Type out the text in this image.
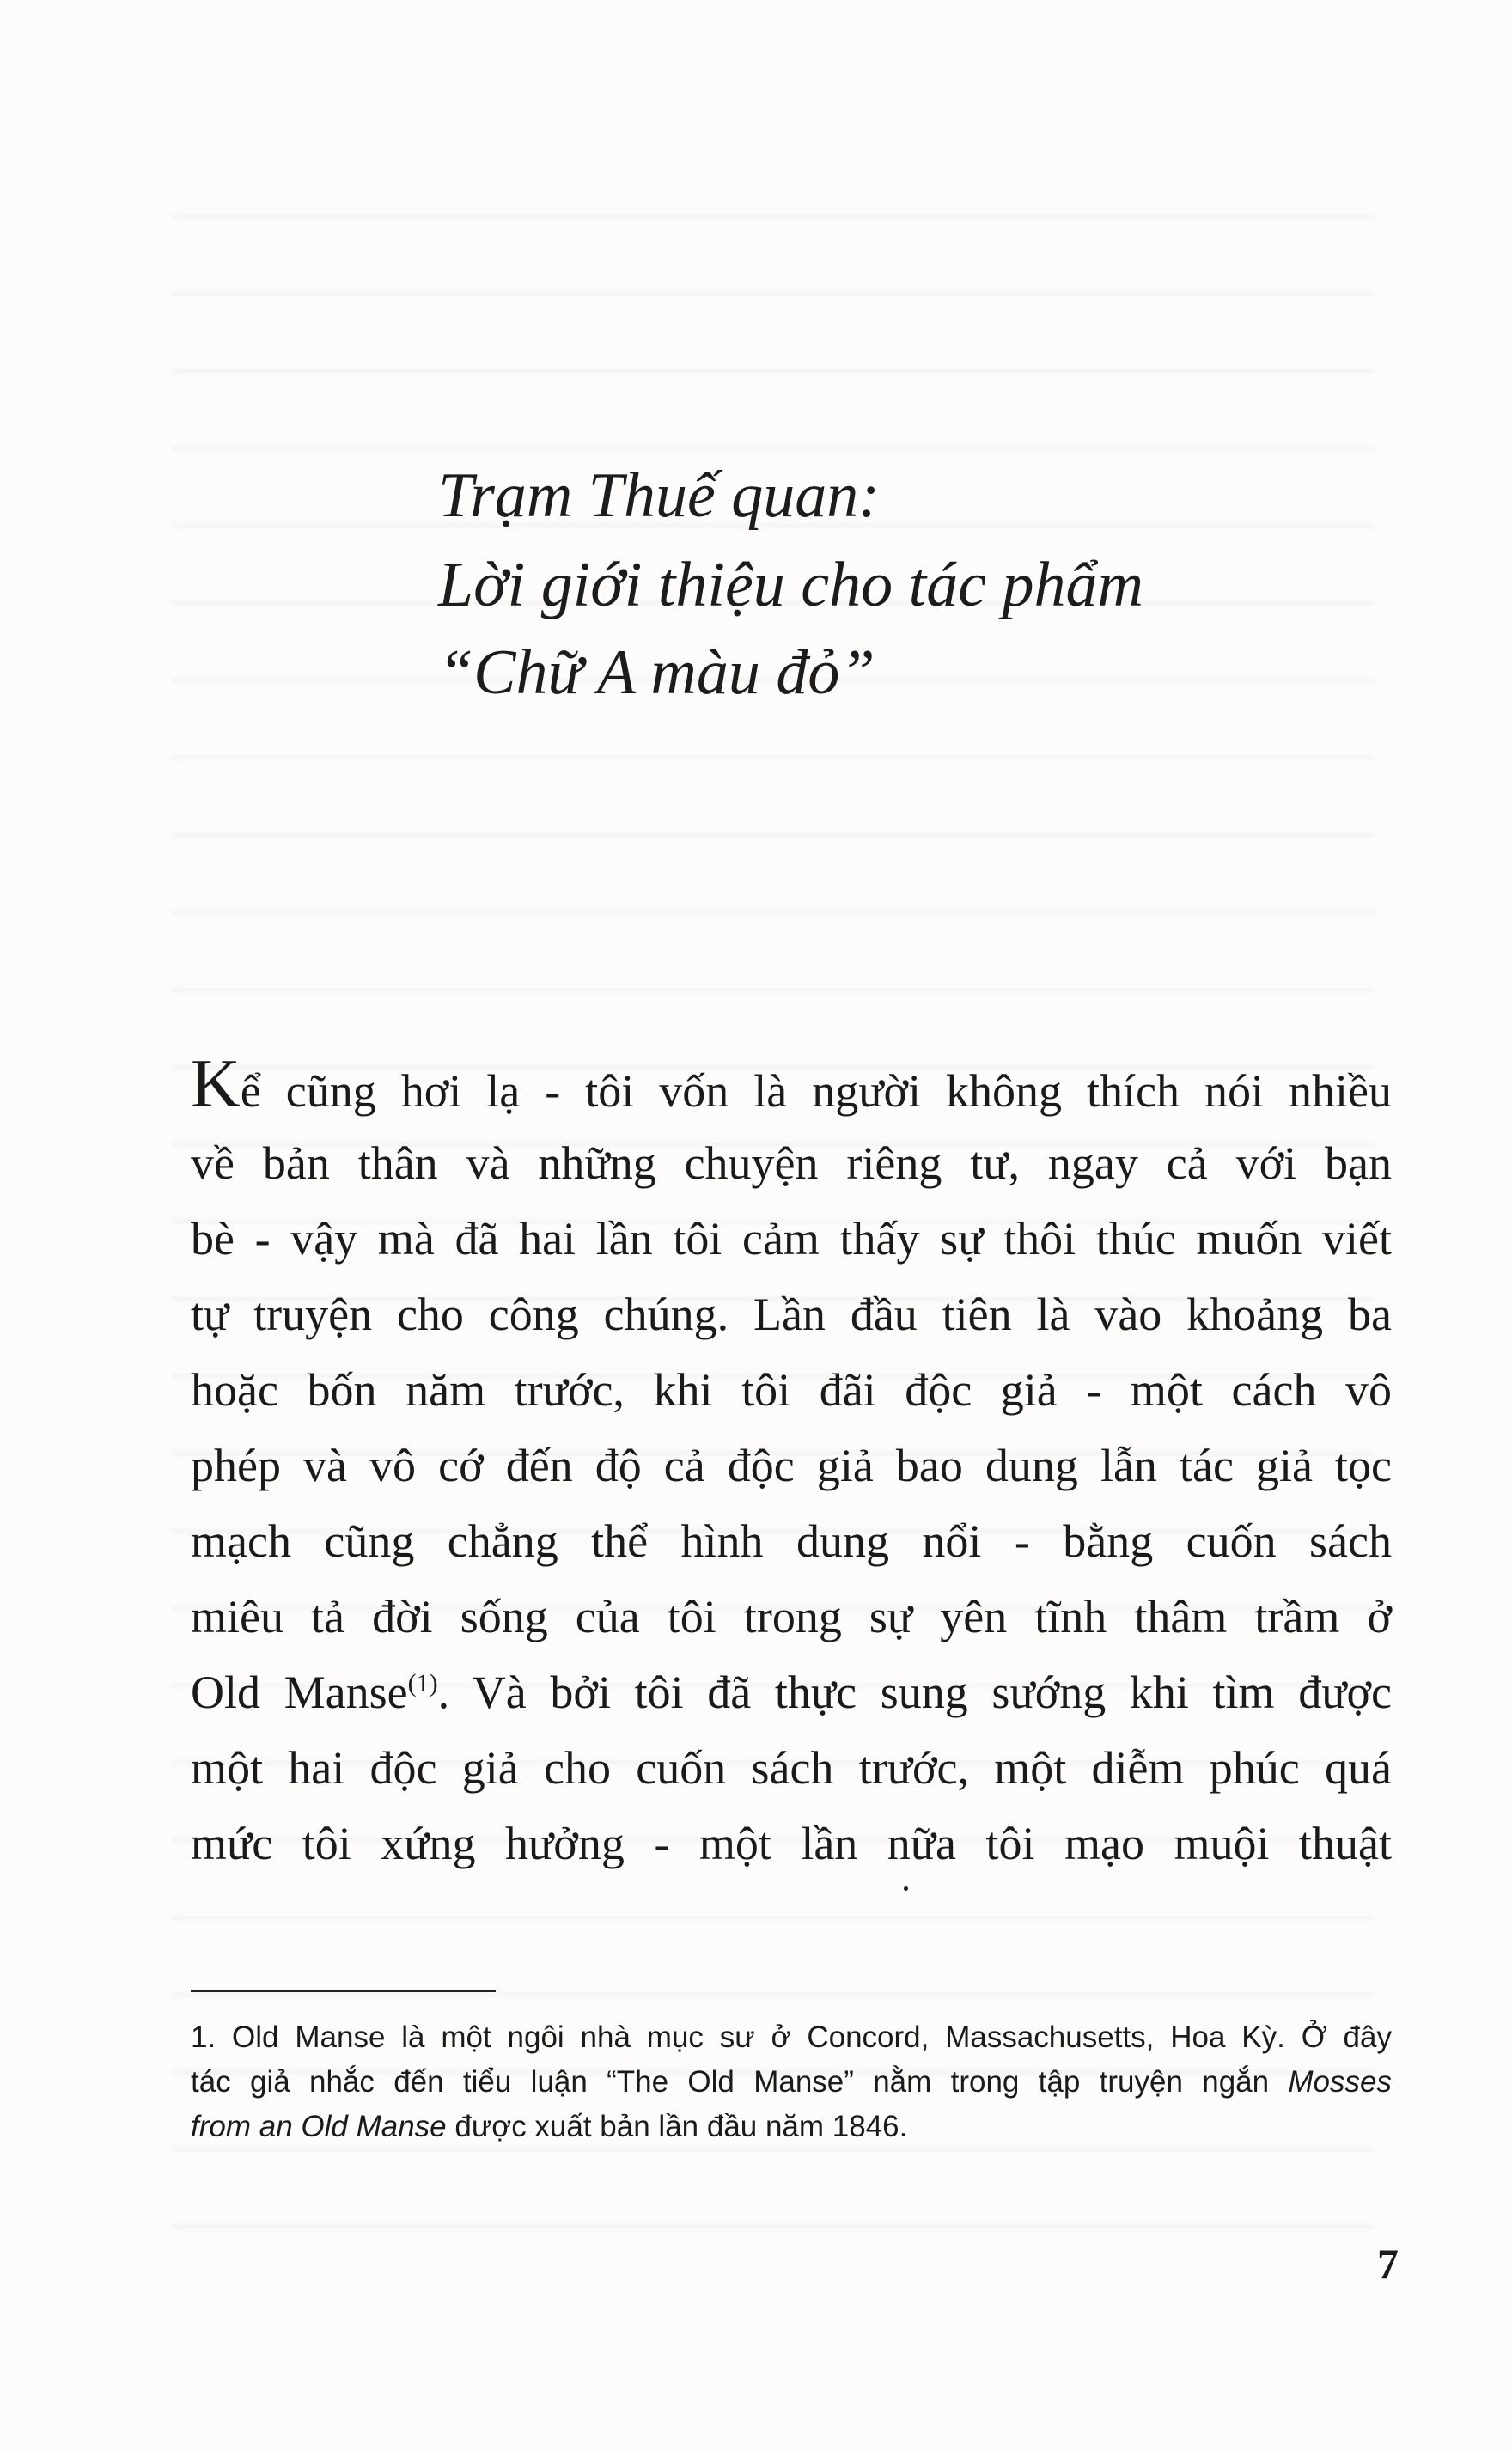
Trạm Thuế quan:
Lời giới thiệu cho tác phẩm
“Chữ A màu đỏ”
Kể cũng hơi lạ - tôi vốn là người không thích nói nhiều
về bản thân và những chuyện riêng tư, ngay cả với bạn
bè - vậy mà đã hai lần tôi cảm thấy sự thôi thúc muốn viết
tự truyện cho công chúng. Lần đầu tiên là vào khoảng ba
hoặc bốn năm trước, khi tôi đãi độc giả - một cách vô
phép và vô cớ đến độ cả độc giả bao dung lẫn tác giả tọc
mạch cũng chẳng thể hình dung nổi - bằng cuốn sách
miêu tả đời sống của tôi trong sự yên tĩnh thâm trầm ở
Old Manse$^{(1)}$. Và bởi tôi đã thực sung sướng khi tìm được
một hai độc giả cho cuốn sách trước, một diễm phúc quá
mức tôi xứng hưởng - một lần nữa tôi mạo muội thuật
1. Old Manse là một ngôi nhà mục sư ở Concord, Massachusetts, Hoa Kỳ. Ở đây
tác giả nhắc đến tiểu luận “The Old Manse” nằm trong tập truyện ngắn Mosses
from an Old Manse được xuất bản lần đầu năm 1846.
7
